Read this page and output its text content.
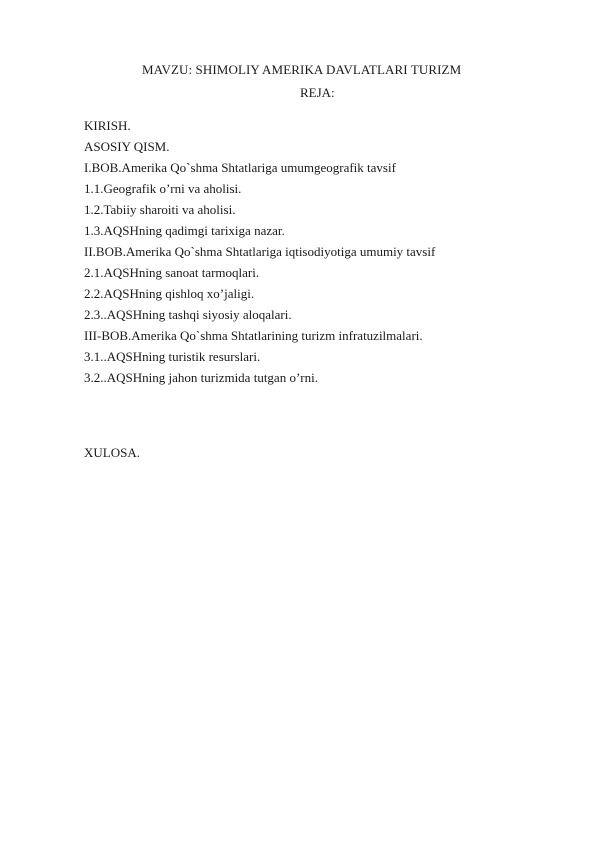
MAVZU: SHIMOLIY AMERIKA DAVLATLARI TURIZM
REJA:
KIRISH.
ASOSIY QISM.
I.BOB.Amerika Qo`shma Shtatlariga umumgeografik tavsif
1.1.Geografik o’rni va aholisi.
1.2.Tabiiy sharoiti va aholisi.
1.3.AQSHning qadimgi tarixiga nazar.
II.BOB.Amerika Qo`shma Shtatlariga iqtisodiyotiga umumiy tavsif
2.1.AQSHning sanoat tarmoqlari.
2.2.AQSHning qishloq xo’jaligi.
2.3..AQSHning tashqi siyosiy aloqalari.
III-BOB.Amerika Qo`shma Shtatlarining turizm infratuzilmalari.
3.1..AQSHning turistik resurslari.
3.2..AQSHning jahon turizmida tutgan o’rni.
XULOSA.
